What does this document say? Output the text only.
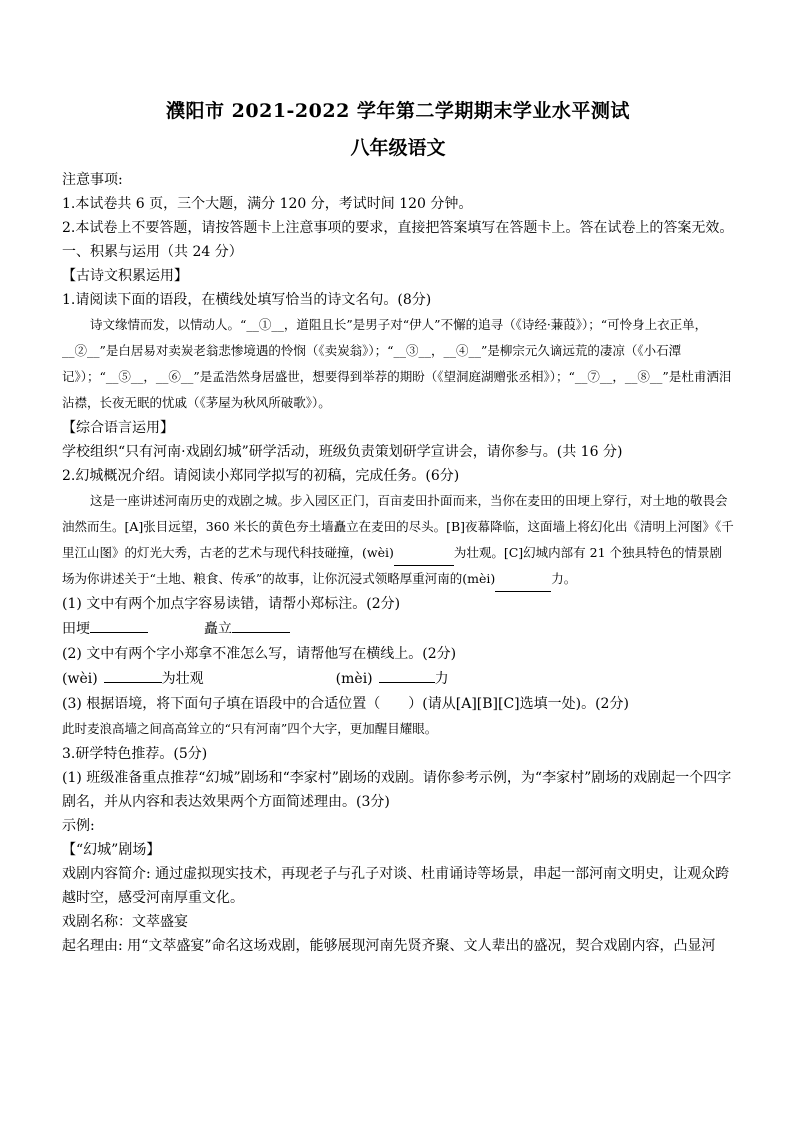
濮阳市 2021-2022 学年第二学期期末学业水平测试
八年级语文

注意事项:

1.本试卷共 6 页，三个大题，满分 120 分，考试时间 120 分钟。

2.本试卷上不要答题，请按答题卡上注意事项的要求，直接把答案填写在答题卡上。答在试卷上的答案无效。

一、积累与运用（共 24 分）

【古诗文积累运用】

1.请阅读下面的语段，在横线处填写恰当的诗文名句。(8分)

诗文缘情而发，以情动人。“__①__，道阻且长”是男子对“伊人”不懈的追寻（《诗经·蒹葭》）；“可怜身上衣正单，__②__”是白居易对卖炭老翁悲惨境遇的怜悯（《卖炭翁》）；“__③__，__④__”是柳宗元久谪远荒的凄凉（《小石潭记》）；“__⑤__，__⑥__”是孟浩然身居盛世，想要得到举荐的期盼（《望洞庭湖赠张丞相》）；“__⑦__，__⑧__”是杜甫洒泪沾襟，长夜无眠的忧戚（《茅屋为秋风所破歌》）。

【综合语言运用】

学校组织“只有河南·戏剧幻城”研学活动，班级负责策划研学宣讲会，请你参与。(共 16 分)

2.幻城概况介绍。请阅读小郑同学拟写的初稿，完成任务。(6分)

这是一座讲述河南历史的戏剧之城。步入园区正门，百亩麦田扑面而来，当你在麦田的田埂上穿行，对土地的敬畏会油然而生。[A]张目远望，360 米长的黄色夯土墙矗立在麦田的尽头。[B]夜幕降临，这面墙上将幻化出《清明上河图》《千里江山图》的灯光大秀，古老的艺术与现代科技碰撞，(wèi)	为壮观。[C]幻城内部有 21 个独具特色的情景剧场为你讲述关于“土地、粮食、传承”的故事，让你沉浸式领略厚重河南的(mèi)	力。

(1) 文中有两个加点字容易读错，请帮小郑标注。(2分)

田埂	矗立

(2) 文中有两个字小郑拿不准怎么写，请帮他写在横线上。(2分)

(wèi)	为壮观	(mèi)	力

(3) 根据语境，将下面句子填在语段中的合适位置（　　）(请从[A][B][C]选填一处)。(2分)

此时麦浪高墙之间高高耸立的“只有河南”四个大字，更加醒目耀眼。

3.研学特色推荐。(5分)

(1) 班级准备重点推荐“幻城”剧场和“李家村”剧场的戏剧。请你参考示例，为“李家村”剧场的戏剧起一个四字剧名，并从内容和表达效果两个方面简述理由。(3分)

示例:

【“幻城”剧场】

戏剧内容简介: 通过虚拟现实技术，再现老子与孔子对谈、杜甫诵诗等场景，串起一部河南文明史，让观众跨越时空，感受河南厚重文化。

戏剧名称：文萃盛宴

起名理由: 用“文萃盛宴”命名这场戏剧，能够展现河南先贤齐聚、文人辈出的盛况，契合戏剧内容，凸显河
